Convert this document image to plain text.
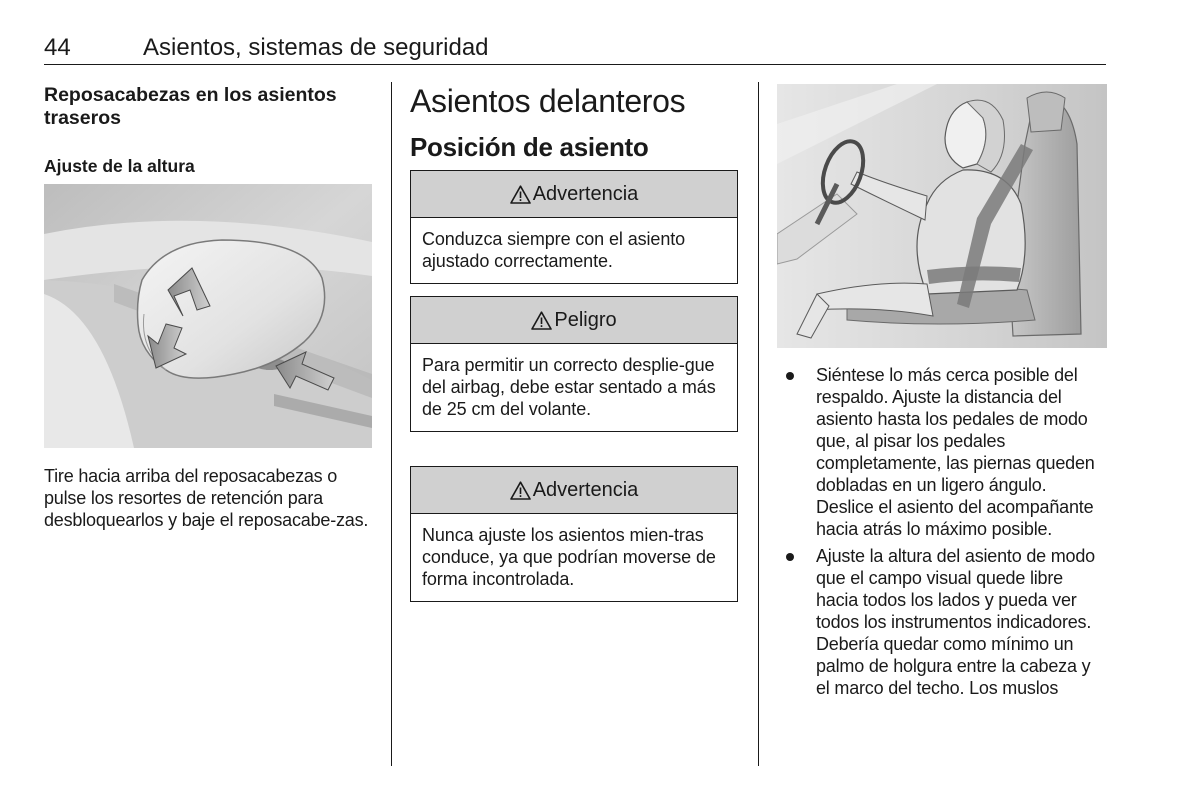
44	Asientos, sistemas de seguridad

Reposacabezas en los asientos traseros

Ajuste de la altura

Tire hacia arriba del reposacabezas o pulse los resortes de retención para desbloquearlos y baje el reposacabe-zas.

Asientos delanteros

Posición de asiento

Advertencia
Conduzca siempre con el asiento ajustado correctamente.
Peligro
Para permitir un correcto desplie-gue del airbag, debe estar sentado a más de 25 cm del volante.
Advertencia
Nunca ajuste los asientos mien-tras conduce, ya que podrían moverse de forma incontrolada.
Siéntese lo más cerca posible del respaldo. Ajuste la distancia del asiento hasta los pedales de modo que, al pisar los pedales completamente, las piernas queden dobladas en un ligero ángulo. Deslice el asiento del acompañante hacia atrás lo máximo posible.
Ajuste la altura del asiento de modo que el campo visual quede libre hacia todos los lados y pueda ver todos los instrumentos indicadores. Debería quedar como mínimo un palmo de holgura entre la cabeza y el marco del techo. Los muslos
